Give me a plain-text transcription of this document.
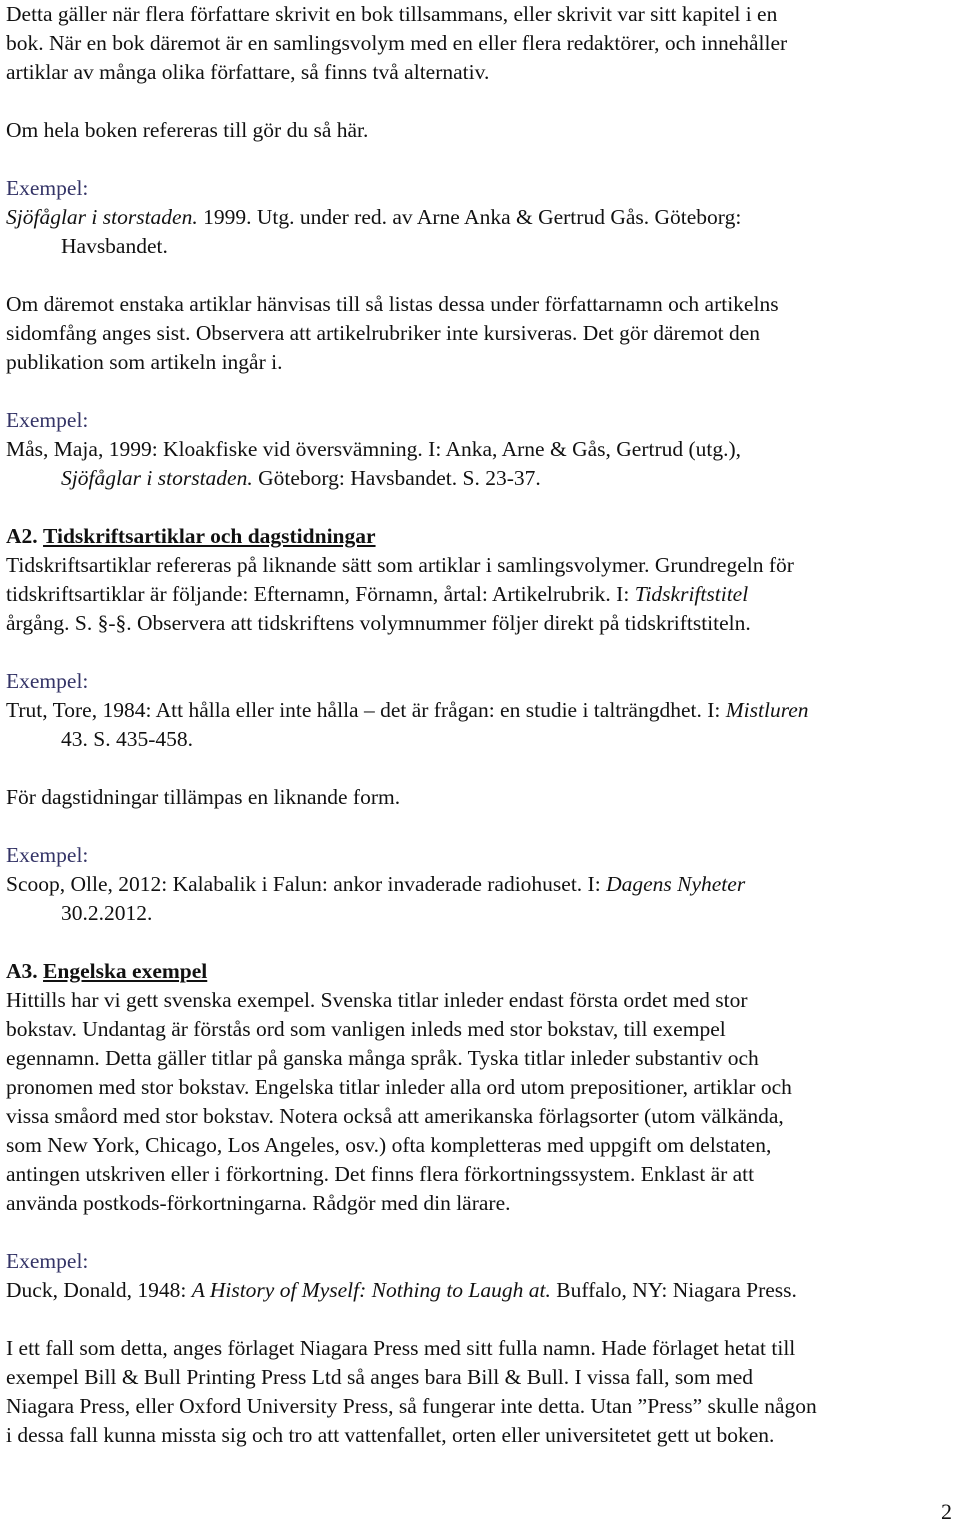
Detta gäller när flera författare skrivit en bok tillsammans, eller skrivit var sitt kapitel i en

bok. När en bok däremot är en samlingsvolym med en eller flera redaktörer, och innehåller

artiklar av många olika författare, så finns två alternativ.

Om hela boken refereras till gör du så här.

Exempel:

Sjöfåglar i storstaden. 1999. Utg. under red. av Arne Anka & Gertrud Gås. Göteborg:

Havsbandet.

Om däremot enstaka artiklar hänvisas till så listas dessa under författarnamn och artikelns

sidomfång anges sist. Observera att artikelrubriker inte kursiveras. Det gör däremot den

publikation som artikeln ingår i.

Exempel:

Mås, Maja, 1999: Kloakfiske vid översvämning. I: Anka, Arne & Gås, Gertrud (utg.),

Sjöfåglar i storstaden. Göteborg: Havsbandet. S. 23-37.

A2. Tidskriftsartiklar och dagstidningar

Tidskriftsartiklar refereras på liknande sätt som artiklar i samlingsvolymer. Grundregeln för

tidskriftsartiklar är följande: Efternamn, Förnamn, årtal: Artikelrubrik. I: Tidskriftstitel

årgång. S. §-§. Observera att tidskriftens volymnummer följer direkt på tidskriftstiteln.

Exempel:

Trut, Tore, 1984: Att hålla eller inte hålla – det är frågan: en studie i talträngdhet. I: Mistluren

43. S. 435-458.

För dagstidningar tillämpas en liknande form.

Exempel:

Scoop, Olle, 2012: Kalabalik i Falun: ankor invaderade radiohuset. I: Dagens Nyheter

30.2.2012.

A3. Engelska exempel

Hittills har vi gett svenska exempel. Svenska titlar inleder endast första ordet med stor

bokstav. Undantag är förstås ord som vanligen inleds med stor bokstav, till exempel

egennamn. Detta gäller titlar på ganska många språk. Tyska titlar inleder substantiv och

pronomen med stor bokstav. Engelska titlar inleder alla ord utom prepositioner, artiklar och

vissa småord med stor bokstav. Notera också att amerikanska förlagsorter (utom välkända,

som New York, Chicago, Los Angeles, osv.) ofta kompletteras med uppgift om delstaten,

antingen utskriven eller i förkortning. Det finns flera förkortningssystem. Enklast är att

använda postkods-förkortningarna. Rådgör med din lärare.

Exempel:

Duck, Donald, 1948: A History of Myself: Nothing to Laugh at. Buffalo, NY: Niagara Press.

I ett fall som detta, anges förlaget Niagara Press med sitt fulla namn. Hade förlaget hetat till

exempel Bill & Bull Printing Press Ltd så anges bara Bill & Bull. I vissa fall, som med

Niagara Press, eller Oxford University Press, så fungerar inte detta. Utan ”Press” skulle någon

i dessa fall kunna missta sig och tro att vattenfallet, orten eller universitetet gett ut boken.

2
